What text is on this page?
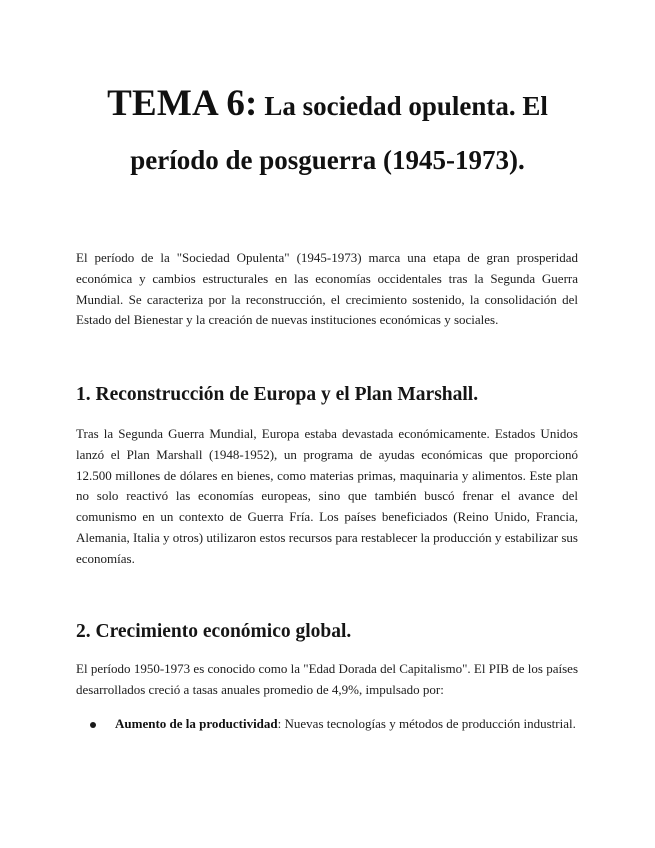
TEMA 6: La sociedad opulenta. El período de posguerra (1945-1973).

El período de la "Sociedad Opulenta" (1945-1973) marca una etapa de gran prosperidad económica y cambios estructurales en las economías occidentales tras la Segunda Guerra Mundial. Se caracteriza por la reconstrucción, el crecimiento sostenido, la consolidación del Estado del Bienestar y la creación de nuevas instituciones económicas y sociales.

1. Reconstrucción de Europa y el Plan Marshall.

Tras la Segunda Guerra Mundial, Europa estaba devastada económicamente. Estados Unidos lanzó el Plan Marshall (1948-1952), un programa de ayudas económicas que proporcionó 12.500 millones de dólares en bienes, como materias primas, maquinaria y alimentos. Este plan no solo reactivó las economías europeas, sino que también buscó frenar el avance del comunismo en un contexto de Guerra Fría. Los países beneficiados (Reino Unido, Francia, Alemania, Italia y otros) utilizaron estos recursos para restablecer la producción y estabilizar sus economías.

2. Crecimiento económico global.

El período 1950-1973 es conocido como la "Edad Dorada del Capitalismo". El PIB de los países desarrollados creció a tasas anuales promedio de 4,9%, impulsado por:

Aumento de la productividad: Nuevas tecnologías y métodos de producción industrial.
